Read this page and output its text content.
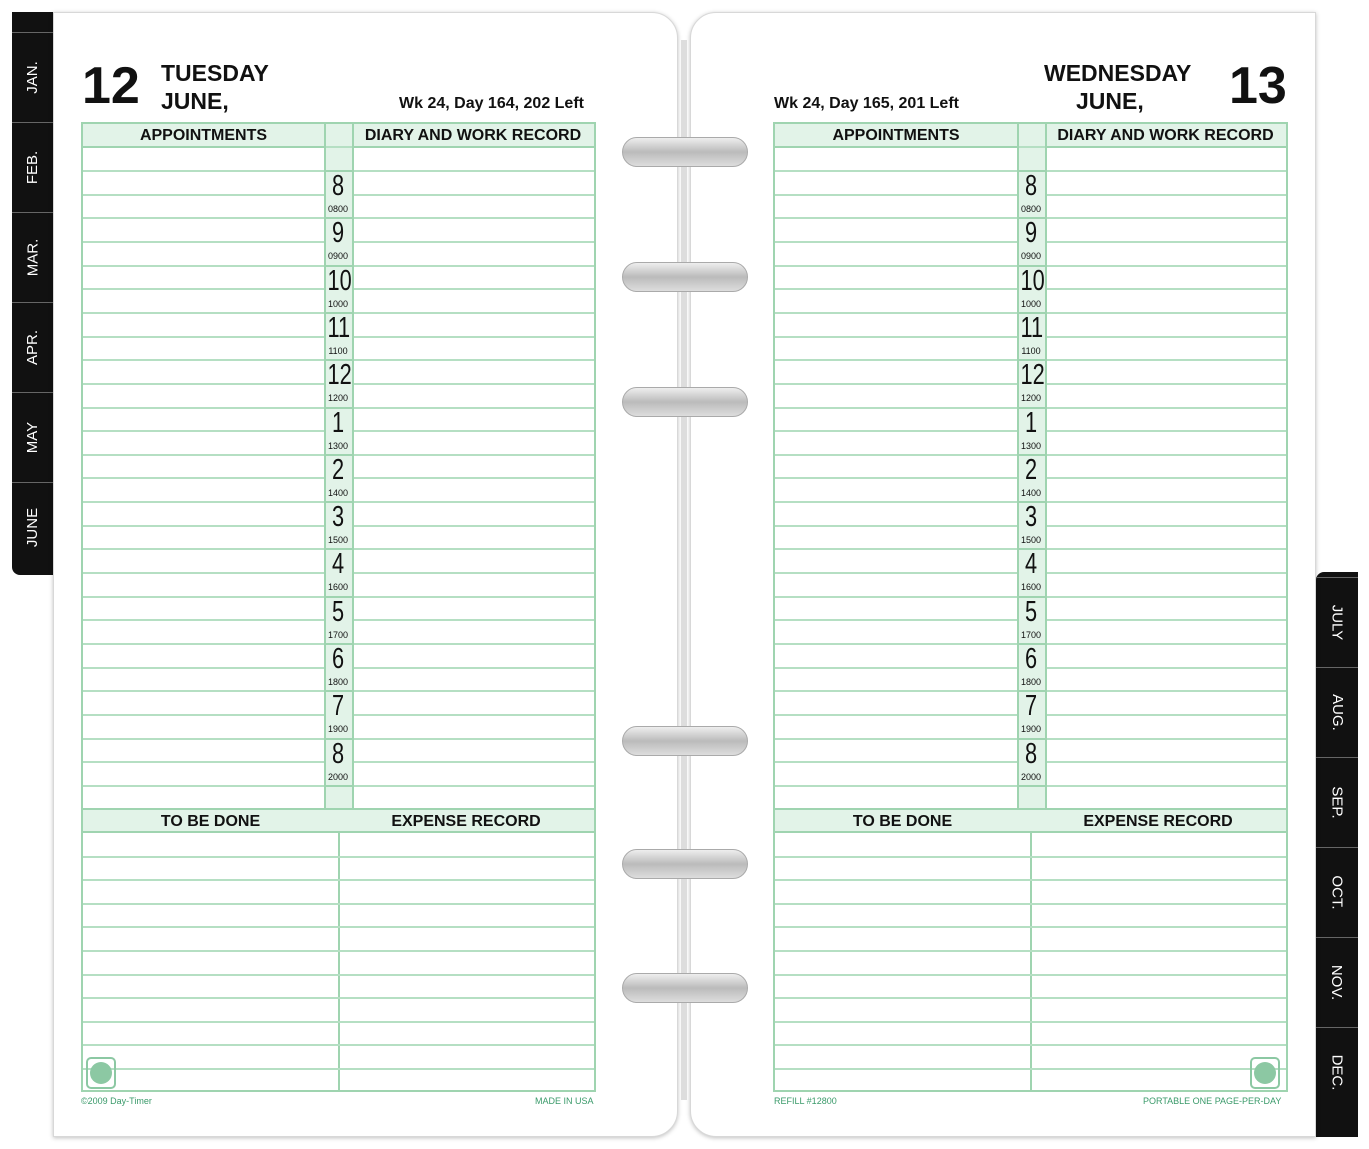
JAN.
FEB.
MAR.
APR.
MAY
JUNE
JULY
AUG.
SEP.
OCT.
NOV.
DEC.
12 TUESDAY
JUNE,	Wk 24, Day 164, 202 Left	13
WEDNESDAY
JUNE,
Wk 24, Day 165, 201 Left
©2009 Day-Timer	MADE IN USA	REFILL #12800	PORTABLE ONE PAGE-PER-DAY
APPOINTMENTS	DIARY AND WORK RECORD
8
0800
9
0900
10
1000
11
1100
12
1200
1
1300
2
1400
3
1500
4
1600
5
1700
6
1800
7
1900
8
2000
TO BE DONE	EXPENSE RECORD
APPOINTMENTS	DIARY AND WORK RECORD
8
0800
9
0900
10
1000
11
1100
12
1200
1
1300
2
1400
3
1500
4
1600
5
1700
6
1800
7
1900
8
2000
TO BE DONE	EXPENSE RECORD
